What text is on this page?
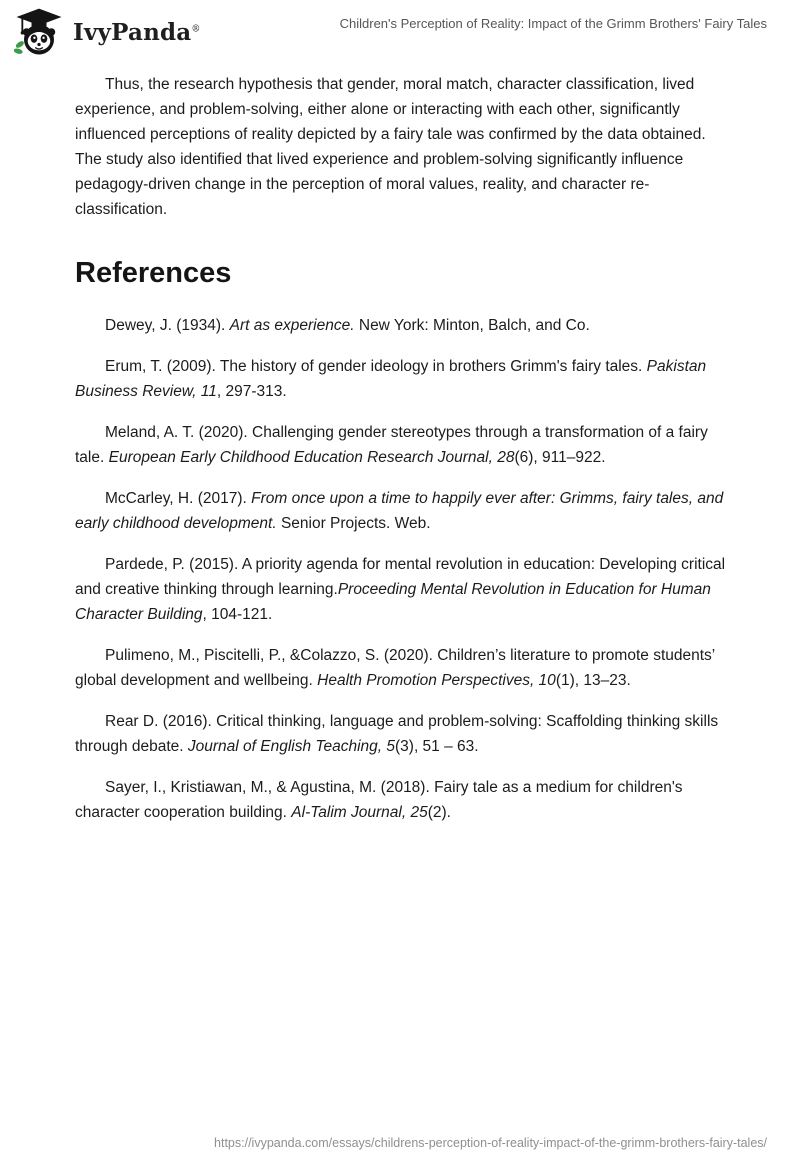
IvyPanda®	Children's Perception of Reality: Impact of the Grimm Brothers' Fairy Tales

Thus, the research hypothesis that gender, moral match, character classification, lived experience, and problem-solving, either alone or interacting with each other, significantly influenced perceptions of reality depicted by a fairy tale was confirmed by the data obtained. The study also identified that lived experience and problem-solving significantly influence pedagogy-driven change in the perception of moral values, reality, and character re-classification.

References

Dewey, J. (1934). Art as experience. New York: Minton, Balch, and Co.

Erum, T. (2009). The history of gender ideology in brothers Grimm's fairy tales. Pakistan Business Review, 11, 297-313.

Meland, A. T. (2020). Challenging gender stereotypes through a transformation of a fairy tale. European Early Childhood Education Research Journal, 28(6), 911–922.

McCarley, H. (2017). From once upon a time to happily ever after: Grimms, fairy tales, and early childhood development. Senior Projects. Web.

Pardede, P. (2015). A priority agenda for mental revolution in education: Developing critical and creative thinking through learning.Proceeding Mental Revolution in Education for Human Character Building, 104-121.

Pulimeno, M., Piscitelli, P., &Colazzo, S. (2020). Children’s literature to promote students’ global development and wellbeing. Health Promotion Perspectives, 10(1), 13–23.

Rear D. (2016). Critical thinking, language and problem-solving: Scaffolding thinking skills through debate. Journal of English Teaching, 5(3), 51 – 63.

Sayer, I., Kristiawan, M., & Agustina, M. (2018). Fairy tale as a medium for children's character cooperation building. Al-Talim Journal, 25(2).

https://ivypanda.com/essays/childrens-perception-of-reality-impact-of-the-grimm-brothers-fairy-tales/
